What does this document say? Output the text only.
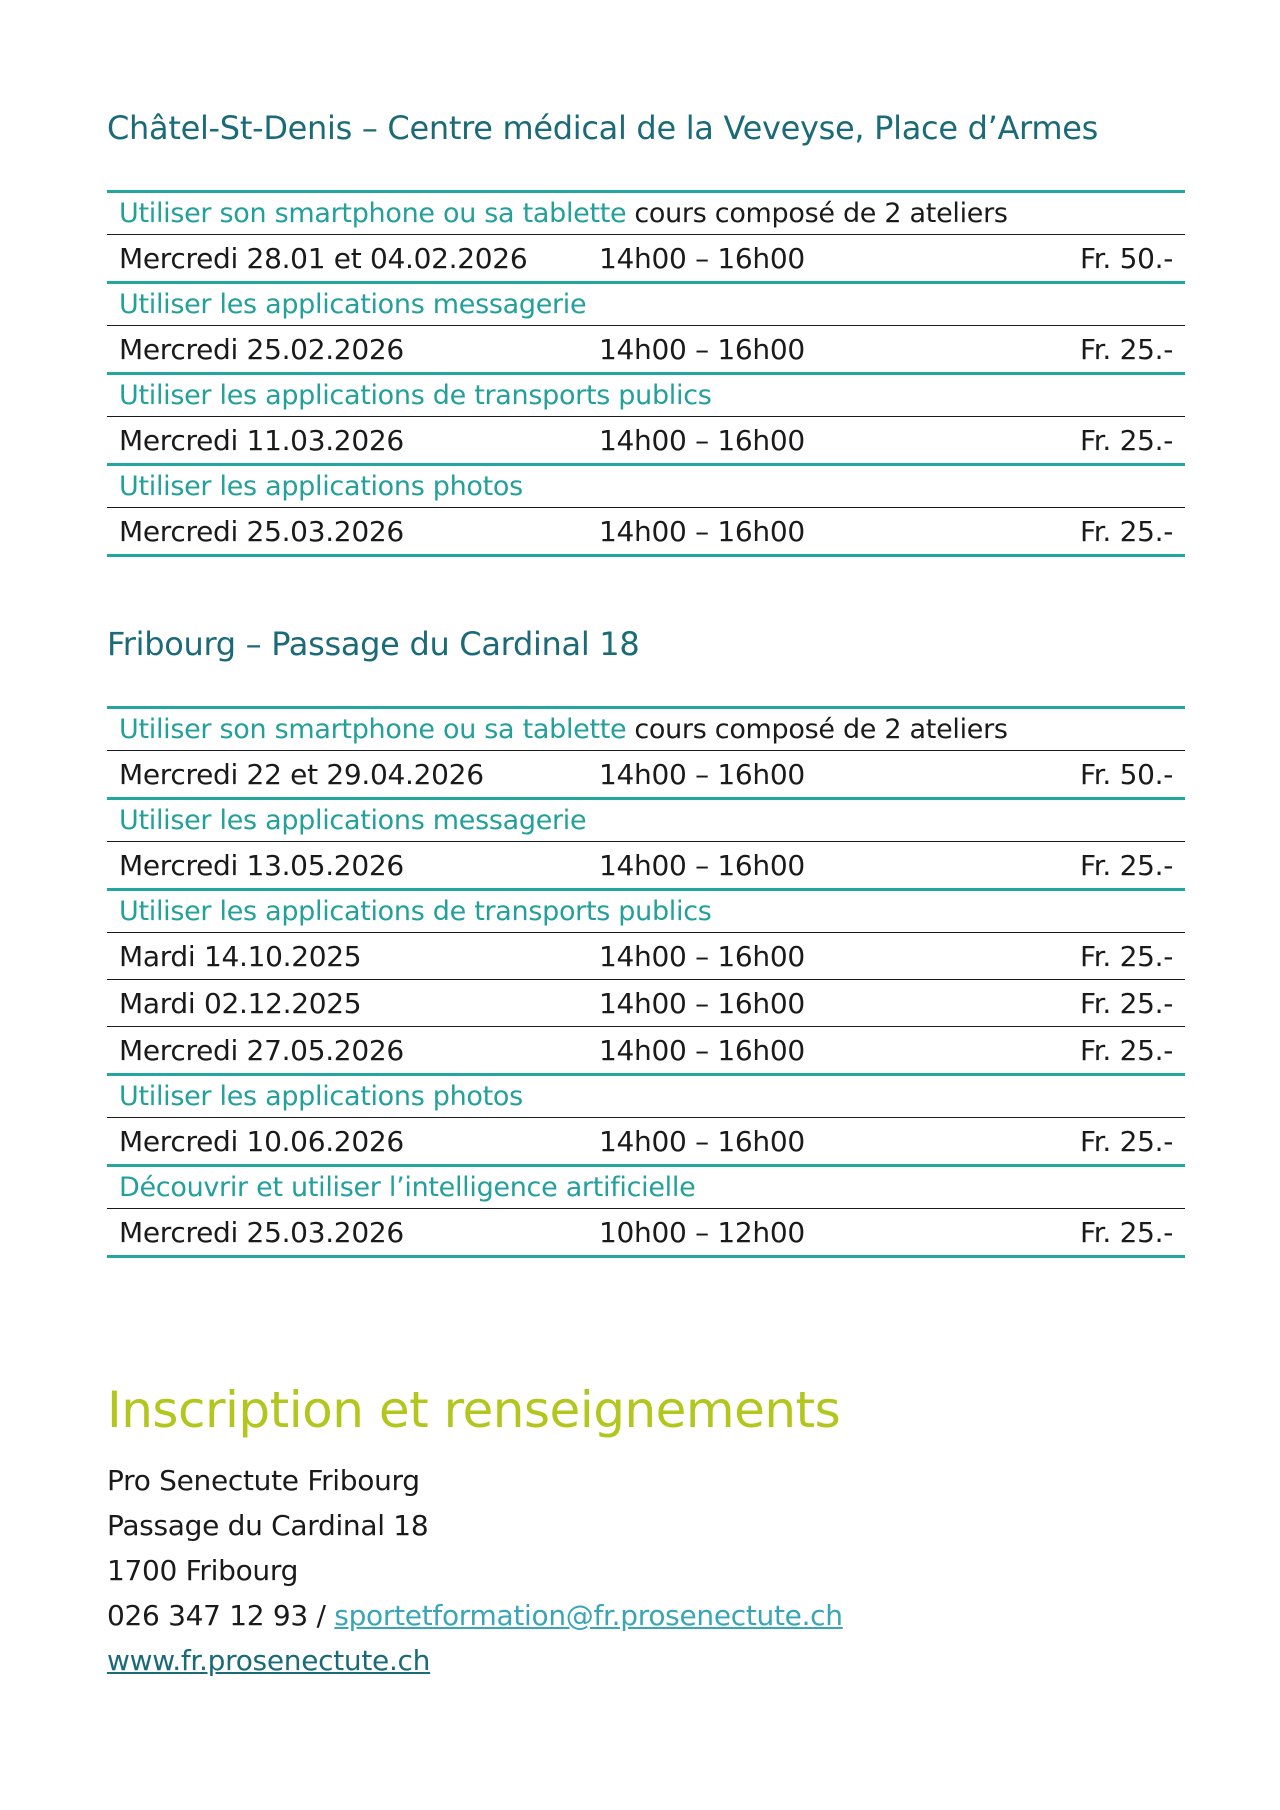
Châtel-St-Denis – Centre médical de la Veveyse, Place d’Armes
Utiliser son smartphone ou sa tablette cours composé de 2 ateliers
Mercredi 28.01 et 04.02.2026	14h00 – 16h00	Fr. 50.-
Utiliser les applications messagerie
Mercredi 25.02.2026	14h00 – 16h00	Fr. 25.-
Utiliser les applications de transports publics
Mercredi 11.03.2026	14h00 – 16h00	Fr. 25.-
Utiliser les applications photos
Mercredi 25.03.2026	14h00 – 16h00	Fr. 25.-
Fribourg – Passage du Cardinal 18
Utiliser son smartphone ou sa tablette cours composé de 2 ateliers
Mercredi 22 et 29.04.2026	14h00 – 16h00	Fr. 50.-
Utiliser les applications messagerie
Mercredi 13.05.2026	14h00 – 16h00	Fr. 25.-
Utiliser les applications de transports publics
Mardi 14.10.2025	14h00 – 16h00	Fr. 25.-
Mardi 02.12.2025	14h00 – 16h00	Fr. 25.-
Mercredi 27.05.2026	14h00 – 16h00	Fr. 25.-
Utiliser les applications photos
Mercredi 10.06.2026	14h00 – 16h00	Fr. 25.-
Découvrir et utiliser l’intelligence artificielle
Mercredi 25.03.2026	10h00 – 12h00	Fr. 25.-
Inscription et renseignements
Pro Senectute Fribourg
Passage du Cardinal 18
1700 Fribourg
026 347 12 93 / sportetformation@fr.prosenectute.ch
www.fr.prosenectute.ch
